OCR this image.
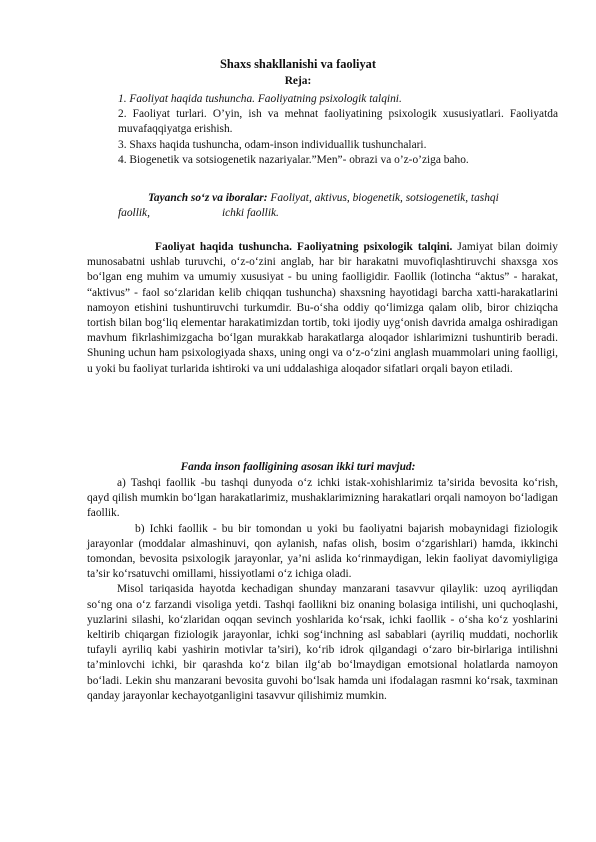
Shaxs shakllanishi va faoliyat
Reja:
1. Faoliyat haqida tushuncha. Faoliyatning psixologik talqini.
2. Faoliyat turlari. O’yin, ish va mehnat faoliyatining psixologik xususiyatlari. Faoliyatda muvafaqqiyatga erishish.
3. Shaxs haqida tushuncha, odam-inson individuallik tushunchalari.
4. Biogenetik va sotsiogenetik nazariyalar.”Men”- obrazi va o’z-o’ziga baho.
Tayanch so‘z va iboralar: Faoliyat, aktivus, biogenetik, sotsiogenetik, tashqi
faollik,	ichki faollik.
Faoliyat haqida tushuncha. Faoliyatning psixologik talqini. Jamiyat bilan doimiy munosabatni ushlab turuvchi, o‘z-o‘zini anglab, har bir harakatni muvofiqlashtiruvchi shaxsga xos bo‘lgan eng muhim va umumiy xususiyat - bu uning faolligidir. Faollik (lotincha “aktus” - harakat, “aktivus” - faol so‘zlaridan kelib chiqqan tushuncha) shaxsning hayotidagi barcha xatti-harakatlarini namoyon etishini tushuntiruvchi turkumdir. Bu-o‘sha oddiy qo‘limizga qalam olib, biror chiziqcha tortish bilan bog‘liq elementar harakatimizdan tortib, toki ijodiy uyg‘onish davrida amalga oshiradigan mavhum fikrlashimizgacha bo‘lgan murakkab harakatlarga aloqador ishlarimizni tushuntirib beradi. Shuning uchun ham psixologiyada shaxs, uning ongi va o‘z-o‘zini anglash muammolari uning faolligi, u yoki bu faoliyat turlarida ishtiroki va uni uddalashiga aloqador sifatlari orqali bayon etiladi.
Fanda inson faolligining asosan ikki turi mavjud:

a) Tashqi faollik -bu tashqi dunyoda o‘z ichki istak-xohishlarimiz ta’sirida bevosita ko‘rish, qayd qilish mumkin bo‘lgan harakatlarimiz, mushaklarimizning harakatlari orqali namoyon bo‘ladigan faollik.

b) Ichki faollik - bu bir tomondan u yoki bu faoliyatni bajarish mobaynidagi fiziologik jarayonlar (moddalar almashinuvi, qon aylanish, nafas olish, bosim o‘zgarishlari) hamda, ikkinchi tomondan, bevosita psixologik jarayonlar, ya’ni aslida ko‘rinmaydigan, lekin faoliyat davomiyligiga ta’sir ko‘rsatuvchi omillami, hissiyotlami o‘z ichiga oladi.

Misol tariqasida hayotda kechadigan shunday manzarani tasavvur qilaylik: uzoq ayriliqdan so‘ng ona o‘z farzandi visoliga yetdi. Tashqi faollikni biz onaning bolasiga intilishi, uni quchoqlashi, yuzlarini silashi, ko‘zlaridan oqqan sevinch yoshlarida ko‘rsak, ichki faollik - o‘sha ko‘z yoshlarini keltirib chiqargan fiziologik jarayonlar, ichki sog‘inchning asl sabablari (ayriliq muddati, nochorlik tufayli ayriliq kabi yashirin motivlar ta’siri), ko‘rib idrok qilgandagi o‘zaro bir-birlariga intilishni ta’minlovchi ichki, bir qarashda ko‘z bilan ilg‘ab bo‘lmaydigan emotsional holatlarda namoyon bo‘ladi. Lekin shu manzarani bevosita guvohi bo‘lsak hamda uni ifodalagan rasmni ko‘rsak, taxminan qanday jarayonlar kechayotganligini tasavvur qilishimiz mumkin.
